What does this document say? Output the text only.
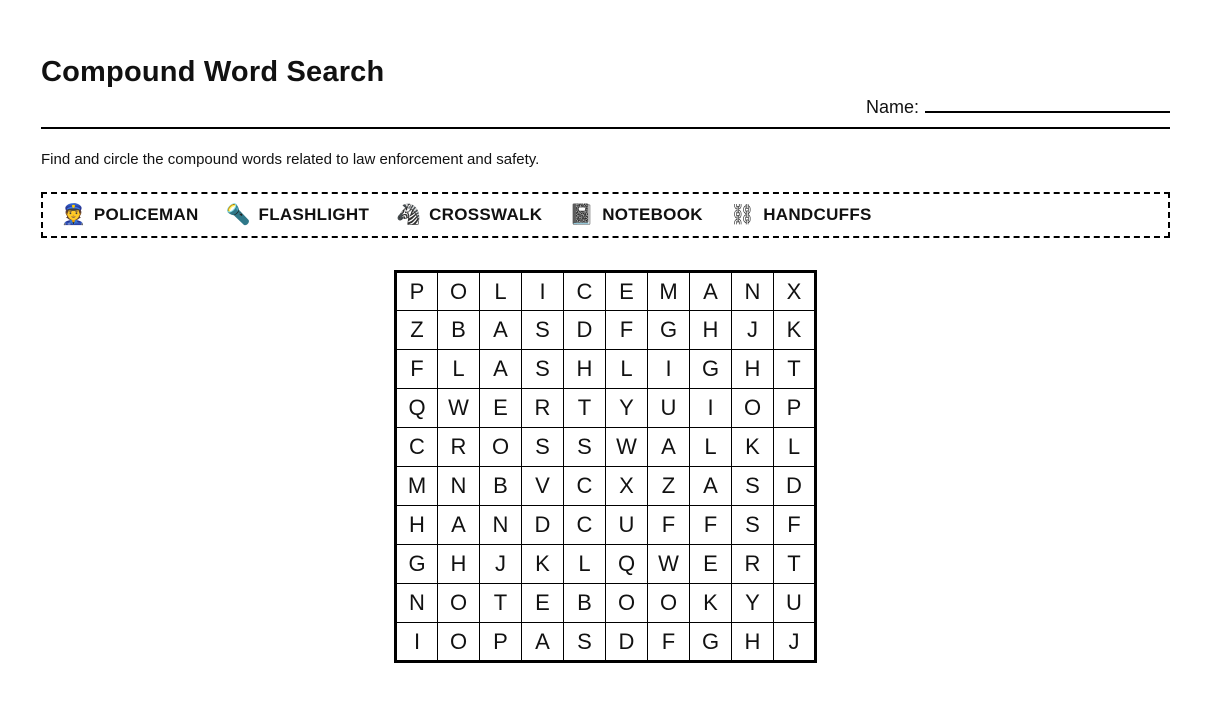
Compound Word Search
Name:

Find and circle the compound words related to law enforcement and safety.

👮 POLICEMAN 🔦 FLASHLIGHT 🦓 CROSSWALK 📓 NOTEBOOK ⛓ HANDCUFFS
P	O	L	I	C	E	M	A	N	X
Z	B	A	S	D	F	G	H	J	K
F	L	A	S	H	L	I	G	H	T
Q	W	E	R	T	Y	U	I	O	P
C	R	O	S	S	W	A	L	K	L
M	N	B	V	C	X	Z	A	S	D
H	A	N	D	C	U	F	F	S	F
G	H	J	K	L	Q	W	E	R	T
N	O	T	E	B	O	O	K	Y	U
I	O	P	A	S	D	F	G	H	J
